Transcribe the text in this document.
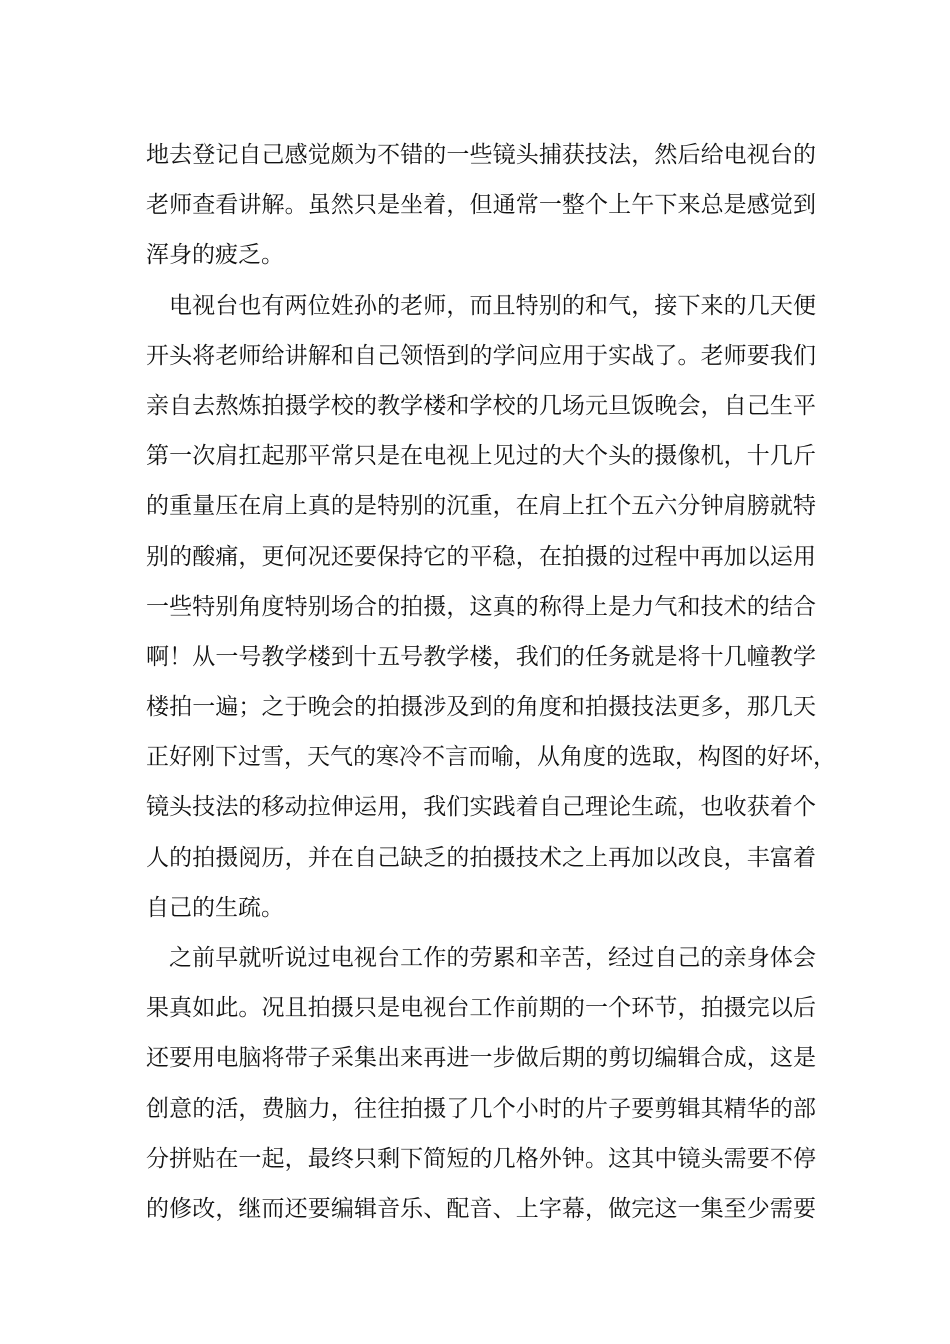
地去登记自己感觉颇为不错的一些镜头捕获技法，然后给电视台的
老师查看讲解。虽然只是坐着，但通常一整个上午下来总是感觉到
浑身的疲乏。
电视台也有两位姓孙的老师，而且特别的和气，接下来的几天便
开头将老师给讲解和自己领悟到的学问应用于实战了。老师要我们
亲自去熬炼拍摄学校的教学楼和学校的几场元旦饭晚会，自己生平
第一次肩扛起那平常只是在电视上见过的大个头的摄像机，十几斤
的重量压在肩上真的是特别的沉重，在肩上扛个五六分钟肩膀就特
别的酸痛，更何况还要保持它的平稳，在拍摄的过程中再加以运用
一些特别角度特别场合的拍摄，这真的称得上是力气和技术的结合
啊！从一号教学楼到十五号教学楼，我们的任务就是将十几幢教学
楼拍一遍；之于晚会的拍摄涉及到的角度和拍摄技法更多，那几天
正好刚下过雪，天气的寒冷不言而喻，从角度的选取，构图的好坏，
镜头技法的移动拉伸运用，我们实践着自己理论生疏，也收获着个
人的拍摄阅历，并在自己缺乏的拍摄技术之上再加以改良，丰富着
自己的生疏。
之前早就听说过电视台工作的劳累和辛苦，经过自己的亲身体会
果真如此。况且拍摄只是电视台工作前期的一个环节，拍摄完以后
还要用电脑将带子采集出来再进一步做后期的剪切编辑合成，这是
创意的活，费脑力，往往拍摄了几个小时的片子要剪辑其精华的部
分拼贴在一起，最终只剩下简短的几格外钟。这其中镜头需要不停
的修改，继而还要编辑音乐、配音、上字幕，做完这一集至少需要
